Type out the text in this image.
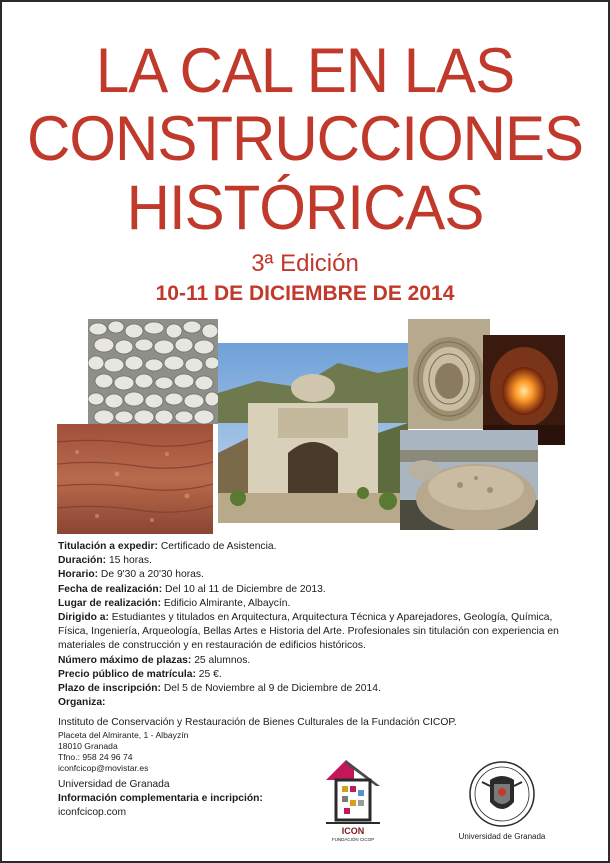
LA CAL EN LAS
CONSTRUCCIONES
HISTÓRICAS
3ª Edición
10-11 DE DICIEMBRE DE 2014
Titulación a expedir: Certificado de Asistencia.
Duración: 15 horas.
Horario: De 9'30 a 20'30 horas.
Fecha de realización: Del 10 al 11 de Diciembre de 2013.
Lugar de realización: Edificio Almirante, Albaycín.
Dirigido a: Estudiantes y titulados en Arquitectura, Arquitectura Técnica y Aparejadores, Geología, Química, Física, Ingeniería, Arqueología, Bellas Artes e Historia del Arte. Profesionales sin titulación con experiencia en materiales de construcción y en restauración de edificios históricos.
Número máximo de plazas: 25 alumnos.
Precio público de matrícula: 25 €.
Plazo de inscripción: Del 5 de Noviembre al 9 de Diciembre de 2014.
Organiza:
Instituto de Conservación y Restauración de Bienes Culturales de la Fundación CICOP.
Placeta del Almirante, 1 - Albayzín
18010 Granada
Tfno.: 958 24 96 74
iconfcicop@movistar.es
Universidad de Granada
Información complementaria e incripción:
iconfcicop.com
ICON
FUNDACIÓN CICOP	Universidad de Granada
